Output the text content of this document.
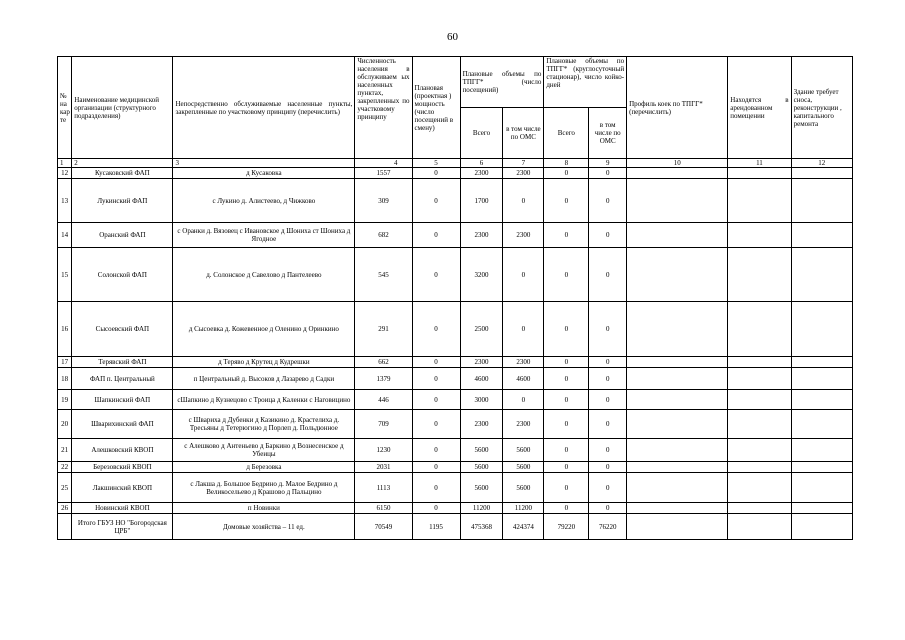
60
№ на кар те	Наименование медицинской организации (структурного подразделения)	Непосредственно обслуживаемые населенные пункты, закрепленные по участковому принципу (перечислить)	Численность населения в обслуживаем ых населенных пунктах, закрепленных по участковому принципу	Плановая (проектная ) мощность (число посещений в смену)	Плановые объемы по ТПГГ* (число посещений)		Плановые объемы по ТПГГ* (круглосуточный стационар), число койко-дней		Профиль коек по ТПГГ* (перечислить)	Находятся в арендованном помещении	Здание требует сноса, реконструкции , капитального ремонта
					Всего	в том числе по ОМС	Всего	в том числе по ОМС			
1	2	3	4	5	6	7	8	9	10	11	12
12	Кусаковский ФАП	д Кусаковка	1557	0	2300	2300	0	0			
13	Лукинский ФАП	с Лукино д. Алистеево, д Чижково	309	0	1700	0	0	0			
14	Оранский ФАП	с Оранки д. Вязовец с Ивановское д Шониха ст Шониха д Ягодное	682	0	2300	2300	0	0			
15	Солонской ФАП	д. Солонское д Савелово д Пантелеево	545	0	3200	0	0	0			
16	Сысоевский ФАП	д Сысоевка д. Кожевенное д Оленино д Оринкино	291	0	2500	0	0	0			
17	Терявский ФАП	д Терявo д Крутец д Кудрешки	662	0	2300	2300	0	0			
18	ФАП п. Центральный	п Центральный д. Высоков д Лазарево д Садки	1379	0	4600	4600	0	0			
19	Шапкинский ФАП	сШапкино д Кузнецово с Троица д Каленки с Наговицино	446	0	3000	0	0	0			
20	Шварихинский ФАП	с Швариха д Дубенки д Казикино д. Крастелиха д. Тресьяны д Тетерюгино д Порлеп д. Польдюнное	709	0	2300	2300	0	0			
21	Алешковский КВОП	с Алешково д Антеньево д Баркино д Вознесенское д Убеицы	1230	0	5600	5600	0	0			
22	Березовский КВОП	д Березовка	2031	0	5600	5600	0	0			
25	Лакшинский КВОП	с Лакша д. Большое Бедрино д. Малое Бедрино д Великосельево д Крашово д Пальцино	1113	0	5600	5600	0	0			
26	Новинский КВОП	п Новинки	6150	0	11200	11200	0	0			
	Итого ГБУЗ НО "Богородская ЦРБ"	Домовые хозяйства – 11 ед.	70549	1195	475368	424374	79220	76220			
